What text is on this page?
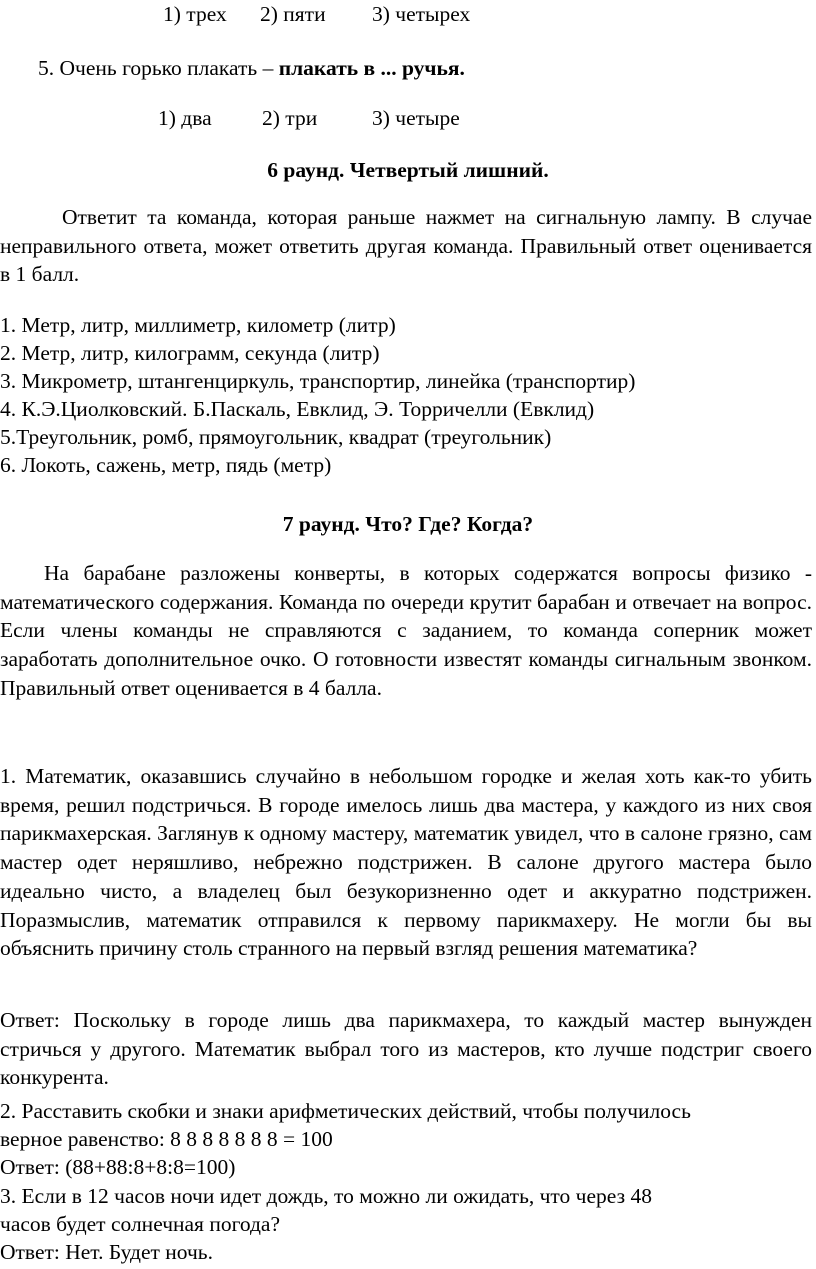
1) трех 2) пяти 3) четырех
5. Очень горько плакать – плакать в ... ручья.
1) два 2) три	3) четыре
6 раунд. Четвертый лишний.
Ответит та команда, которая раньше нажмет на сигнальную лампу. В случае неправильного ответа, может ответить другая команда. Правильный ответ оценивается в 1 балл.
1. Метр, литр, миллиметр, километр (литр)
2. Метр, литр, килограмм, секунда (литр)
3. Микрометр, штангенциркуль, транспортир, линейка (транспортир)
4. К.Э.Циолковский. Б.Паскаль, Евклид, Э. Торричелли (Евклид)
5.Треугольник, ромб, прямоугольник, квадрат (треугольник)
6. Локоть, сажень, метр, пядь (метр)
7 раунд. Что? Где? Когда?
На барабане разложены конверты, в которых содержатся вопросы физико - математического содержания. Команда по очереди крутит барабан и отвечает на вопрос. Если члены команды не справляются с заданием, то команда соперник может заработать дополнительное очко. О готовности известят команды сигнальным звонком. Правильный ответ оценивается в 4 балла.
1. Математик, оказавшись случайно в небольшом городке и желая хоть как-то убить время, решил подстричься. В городе имелось лишь два мастера, у каждого из них своя парикмахерская. Заглянув к одному мастеру, математик увидел, что в салоне грязно, сам мастер одет неряшливо, небрежно подстрижен. В салоне другого мастера было идеально чисто, а владелец был безукоризненно одет и аккуратно подстрижен. Поразмыслив, математик отправился к первому парикмахеру. Не могли бы вы объяснить причину столь странного на первый взгляд решения математика?
Ответ: Поскольку в городе лишь два парикмахера, то каждый мастер вынужден стричься у другого. Математик выбрал того из мастеров, кто лучше подстриг своего конкурента.
2. Расставить скобки и знаки арифметических действий, чтобы получилось
верное равенство: 8 8 8 8 8 8 8 = 100
Ответ: (88+88:8+8:8=100)
3. Если в 12 часов ночи идет дождь, то можно ли ожидать, что через 48
часов будет солнечная погода?
Ответ: Нет. Будет ночь.
